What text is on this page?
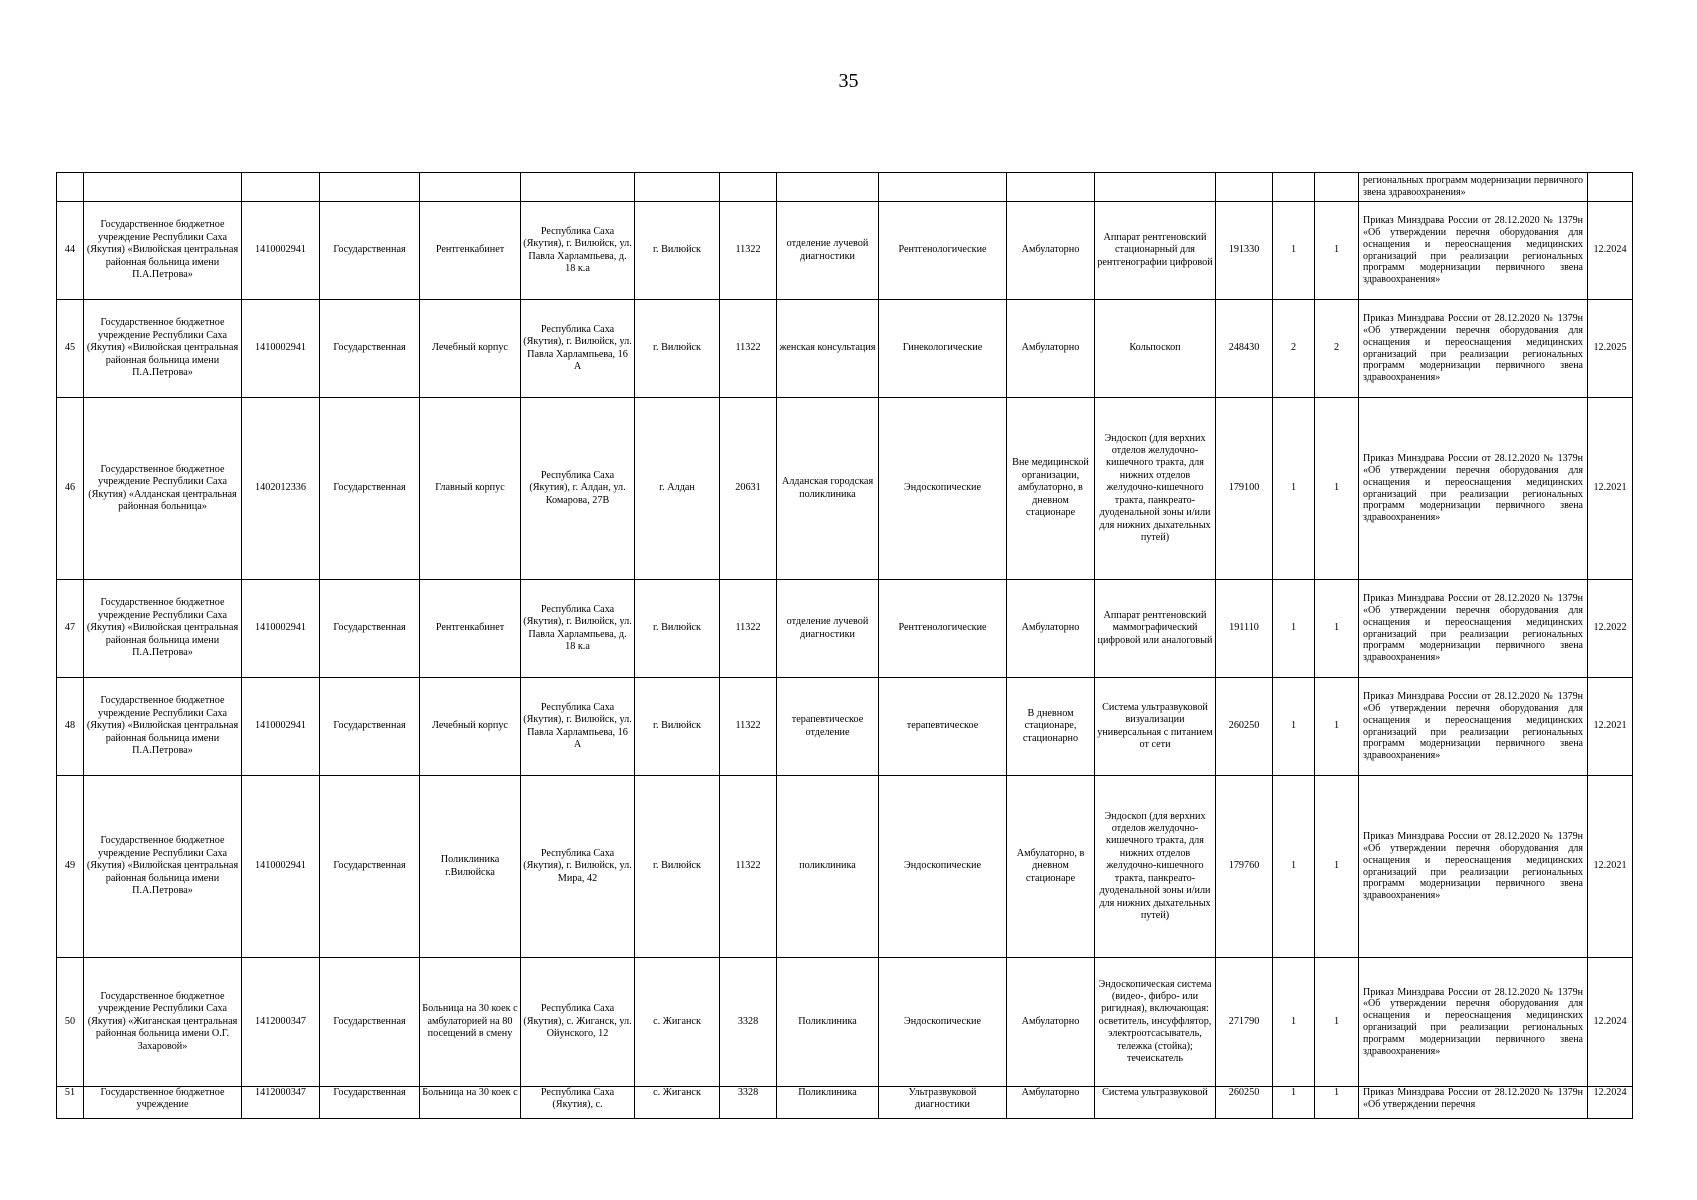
35
															региональных программ модернизации первичного звена здравоохранения»	
44	Государственное бюджетное учреждение Республики Саха (Якутия) «Вилюйская центральная районная больница имени П.А.Петрова»	1410002941	Государственная	Рентгенкабинет	Республика Саха (Якутия), г. Вилюйск, ул. Павла Харлампьева, д. 18 к.а	г. Вилюйск	11322	отделение лучевой диагностики	Рентгенологические	Амбулаторно	Аппарат рентгеновский стационарный для рентгенографии цифровой	191330	1	1	Приказ Минздрава России от 28.12.2020 № 1379н «Об утверждении перечня оборудования для оснащения и переоснащения медицинских организаций при реализации региональных программ модернизации первичного звена здравоохранения»	12.2024
45	Государственное бюджетное учреждение Республики Саха (Якутия) «Вилюйская центральная районная больница имени П.А.Петрова»	1410002941	Государственная	Лечебный корпус	Республика Саха (Якутия), г. Вилюйск, ул. Павла Харлампьева, 16 А	г. Вилюйск	11322	женская консультация	Гинекологические	Амбулаторно	Кольпоскоп	248430	2	2	Приказ Минздрава России от 28.12.2020 № 1379н «Об утверждении перечня оборудования для оснащения и переоснащения медицинских организаций при реализации региональных программ модернизации первичного звена здравоохранения»	12.2025
46	Государственное бюджетное учреждение Республики Саха (Якутия) «Алданская центральная районная больница»	1402012336	Государственная	Главный корпус	Республика Саха (Якутия), г. Алдан, ул. Комарова, 27В	г. Алдан	20631	Алданская городская поликлиника	Эндоскопические	Вне медицинской организации, амбулаторно, в дневном стационаре	Эндоскоп (для верхних отделов желудочно-кишечного тракта, для нижних отделов желудочно-кишечного тракта, панкреато-дуоденальной зоны и/или для нижних дыхательных путей)	179100	1	1	Приказ Минздрава России от 28.12.2020 № 1379н «Об утверждении перечня оборудования для оснащения и переоснащения медицинских организаций при реализации региональных программ модернизации первичного звена здравоохранения»	12.2021
47	Государственное бюджетное учреждение Республики Саха (Якутия) «Вилюйская центральная районная больница имени П.А.Петрова»	1410002941	Государственная	Рентгенкабинет	Республика Саха (Якутия), г. Вилюйск, ул. Павла Харлампьева, д. 18 к.а	г. Вилюйск	11322	отделение лучевой диагностики	Рентгенологические	Амбулаторно	Аппарат рентгеновский маммографический цифровой или аналоговый	191110	1	1	Приказ Минздрава России от 28.12.2020 № 1379н «Об утверждении перечня оборудования для оснащения и переоснащения медицинских организаций при реализации региональных программ модернизации первичного звена здравоохранения»	12.2022
48	Государственное бюджетное учреждение Республики Саха (Якутия) «Вилюйская центральная районная больница имени П.А.Петрова»	1410002941	Государственная	Лечебный корпус	Республика Саха (Якутия), г. Вилюйск, ул. Павла Харлампьева, 16 А	г. Вилюйск	11322	терапевтическое отделение	терапевтическое	В дневном стационаре, стационарно	Система ультразвуковой визуализации универсальная с питанием от сети	260250	1	1	Приказ Минздрава России от 28.12.2020 № 1379н «Об утверждении перечня оборудования для оснащения и переоснащения медицинских организаций при реализации региональных программ модернизации первичного звена здравоохранения»	12.2021
49	Государственное бюджетное учреждение Республики Саха (Якутия) «Вилюйская центральная районная больница имени П.А.Петрова»	1410002941	Государственная	Поликлиника г.Вилюйска	Республика Саха (Якутия), г. Вилюйск, ул. Мира, 42	г. Вилюйск	11322	поликлиника	Эндоскопические	Амбулаторно, в дневном стационаре	Эндоскоп (для верхних отделов желудочно-кишечного тракта, для нижних отделов желудочно-кишечного тракта, панкреато-дуоденальной зоны и/или для нижних дыхательных путей)	179760	1	1	Приказ Минздрава России от 28.12.2020 № 1379н «Об утверждении перечня оборудования для оснащения и переоснащения медицинских организаций при реализации региональных программ модернизации первичного звена здравоохранения»	12.2021
50	Государственное бюджетное учреждение Республики Саха (Якутия) «Жиганская центральная районная больница имени О.Г. Захаровой»	1412000347	Государственная	Больница на 30 коек с амбулаторией на 80 посещений в смену	Республика Саха (Якутия), с. Жиганск, ул. Ойунского, 12	с. Жиганск	3328	Поликлиника	Эндоскопические	Амбулаторно	Эндоскопическая система (видео-, фибро- или ригидная), включающая: осветитель, инсуффлятор, электроотсасыватель, тележка (стойка); течеискатель	271790	1	1	Приказ Минздрава России от 28.12.2020 № 1379н «Об утверждении перечня оборудования для оснащения и переоснащения медицинских организаций при реализации региональных программ модернизации первичного звена здравоохранения»	12.2024
51	Государственное бюджетное учреждение	1412000347	Государственная	Больница на 30 коек с	Республика Саха (Якутия), с.	с. Жиганск	3328	Поликлиника	Ультразвуковой диагностики	Амбулаторно	Система ультразвуковой	260250	1	1	Приказ Минздрава России от 28.12.2020 № 1379н «Об утверждении перечня	12.2024
